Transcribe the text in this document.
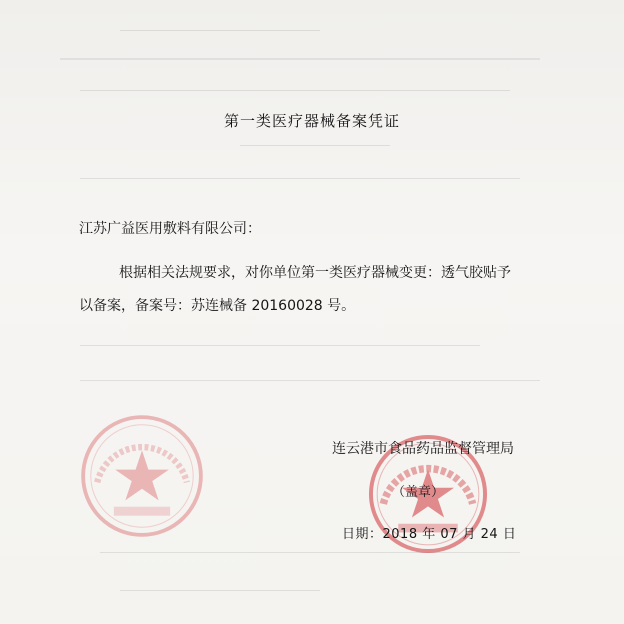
第一类医疗器械备案凭证
江苏广益医用敷料有限公司：
根据相关法规要求，对你单位第一类医疗器械变更：透气胶贴予
以备案，备案号：苏连械备 20160028 号。
连云港市食品药品监督管理局
（盖章）
日期：2018 年 07 月 24 日
